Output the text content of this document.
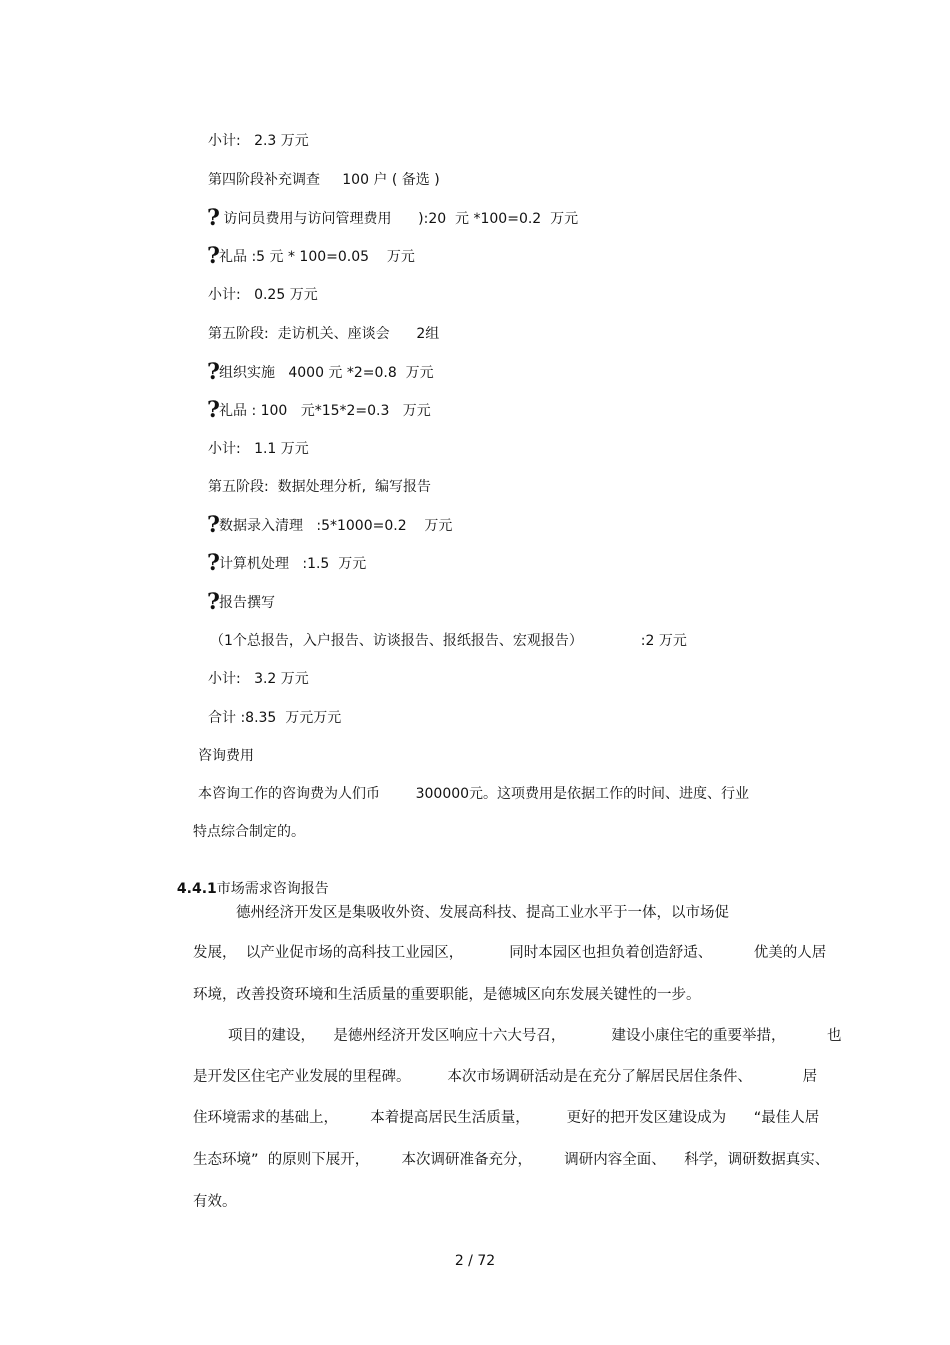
小计:   2.3 万元
第四阶段补充调查     100 户 ( 备选 )
? 访问员费用与访问管理费用      ):20  元 *100=0.2  万元
? 礼品 :5 元 * 100=0.05    万元
小计:   0.25 万元
第五阶段:  走访机关、座谈会      2组
? 组织实施   4000 元 *2=0.8  万元
? 礼品 : 100   元*15*2=0.3   万元
小计:   1.1 万元
第五阶段:  数据处理分析,  编写报告
? 数据录入清理   :5*1000=0.2    万元
? 计算机处理   :1.5  万元
? 报告撰写
（1个总报告，入户报告、访谈报告、报纸报告、宏观报告）             :2 万元
小计:   3.2 万元
合计 :8.35  万元万元
咨询费用
本咨询工作的咨询费为人们币        300000元。这项费用是依据工作的时间、进度、行业
特点综合制定的。

4.4.1市场需求咨询报告

德州经济开发区是集吸收外资、发展高科技、提高工业水平于一体，以市场促
发展，  以产业促市场的高科技工业园区，          同时本园区也担负着创造舒适、         优美的人居
环境，改善投资环境和生活质量的重要职能，是德城区向东发展关键性的一步。
项目的建设，    是德州经济开发区响应十六大号召，          建设小康住宅的重要举措，         也
是开发区住宅产业发展的里程碑。        本次市场调研活动是在充分了解居民居住条件、           居
住环境需求的基础上，       本着提高居民生活质量，        更好的把开发区建设成为      “最佳人居
生态环境”  的原则下展开，       本次调研准备充分，       调研内容全面、    科学，调研数据真实、
有效。
2 / 72
